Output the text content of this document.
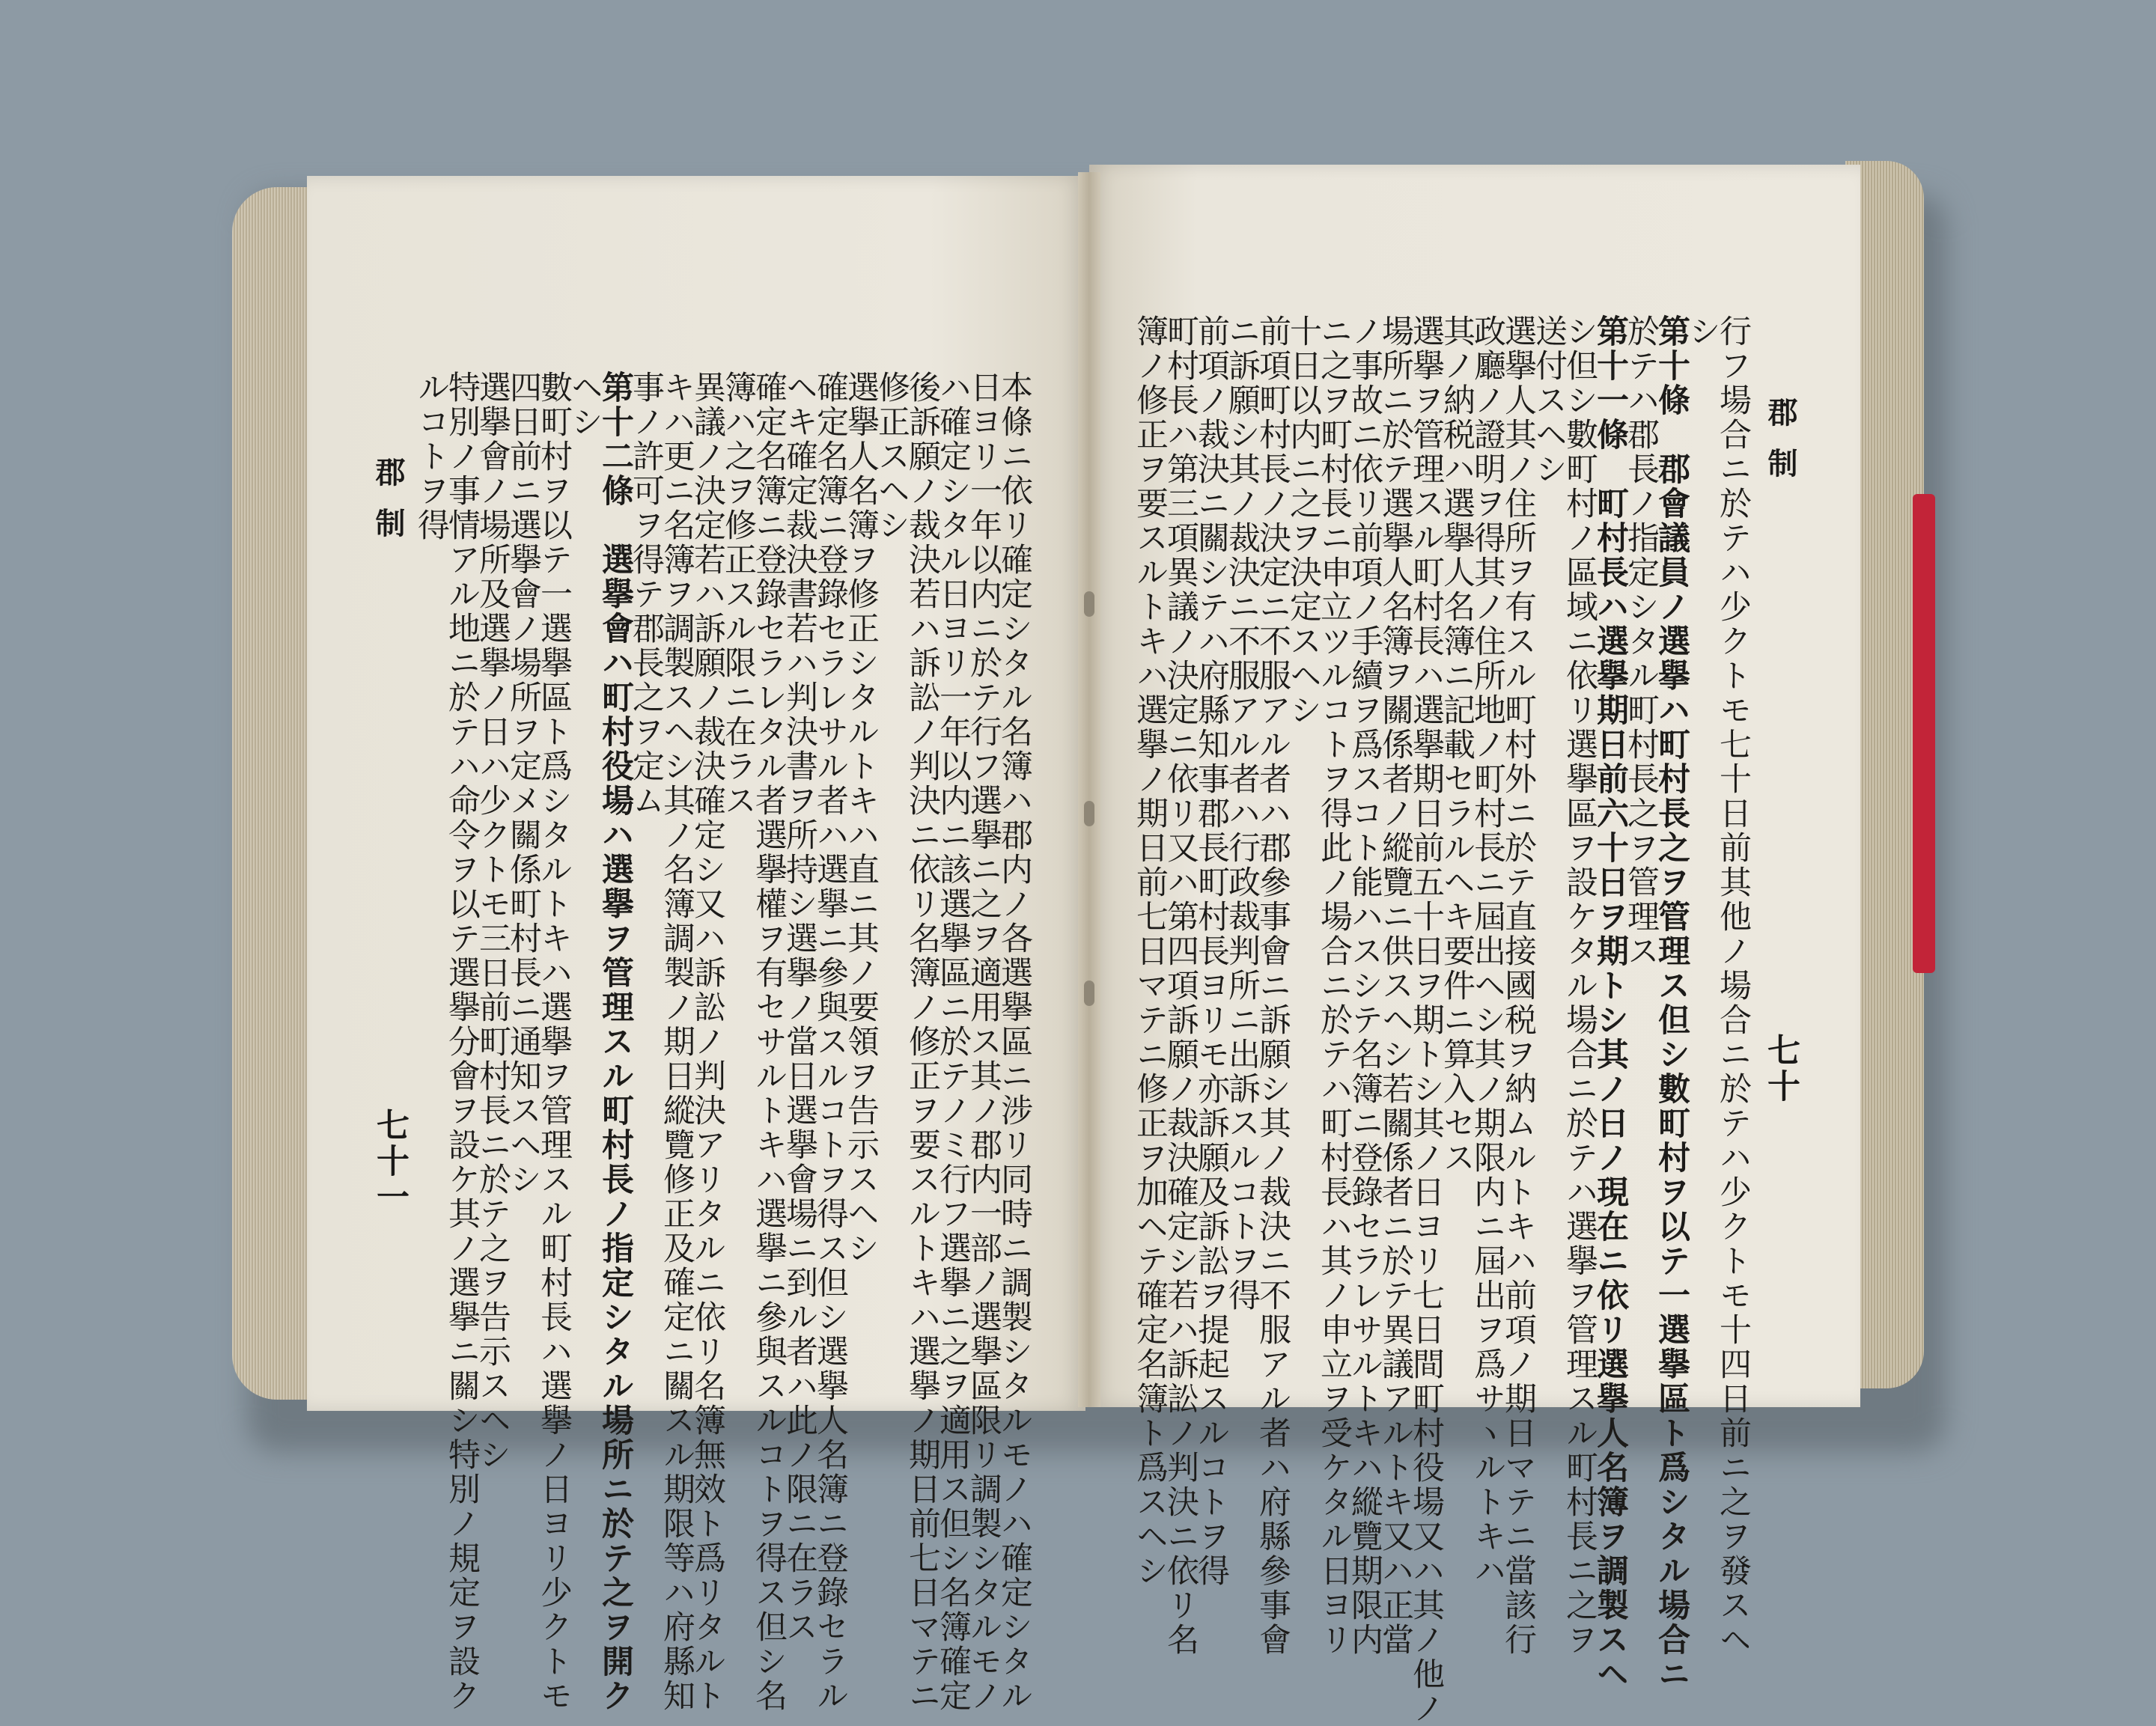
郡制
七十
行フ場合ニ於テハ少クトモ七十日前其他ノ場合ニ於テハ少クトモ十四日前ニ之ヲ發スヘ
シ
第十條　郡會議員ノ選擧ハ町村長之ヲ管理ス但シ數町村ヲ以テ一選擧區ト爲シタル場合ニ
於テハ郡長ノ指定シタル町村長之ヲ管理ス
第十一條　町村長ハ選擧期日前六十日ヲ期トシ其ノ日ノ現在ニ依リ選擧人名簿ヲ調製スヘ
シ但シ數町村ノ區域ニ依リ選擧區ヲ設ケタル場合ニ於テハ選擧ヲ管理スル町村長ニ之ヲ
送付スヘシ
選擧人其ノ住所ヲ有スル町村外ニ於テ直接國税ヲ納ムルトキハ前項ノ期日マテニ當該行
政廳ノ證明ヲ得其ノ住所地ノ町村長ニ屆出ヘシ其ノ期限内ニ屆出ヲ爲サヽルトキハ
其ノ納税ハ選擧人名簿ニ記載セラルヘキ要件ニ算入セス
選擧ヲ管理スル町村長ハ選擧期日前五十日ヲ期トシ其ノ日ヨリ七日間町村役場又ハ其ノ他ノ
場所ニ於テ選擧人名簿ヲ關係者ノ縱覽ニ供スヘシ若關係者ニ於テ異議アルトキ又ハ正當
ノ事故ニ依リ前項ノ手續ヲ爲スコト能ハスシテ名簿ニ登錄セラレサルトキハ縱覽期限内
ニ之ヲ町村長ニ申立ツルコトヲ得此ノ場合ニ於テハ町村長ハ其ノ申立ヲ受ケタル日ヨリ
十日以内ニ之ヲ決定スヘシ
前項町村長ノ決定ニ不服アル者ハ郡參事會ニ訴願シ其ノ裁決ニ不服アル者ハ府縣參事會
ニ訴願シ其ノ裁決ニ不服アル者ハ行政裁判所ニ出訴スルコトヲ得
前項ノ裁決ニ關シテハ府縣知事郡長町村長ヨリモ亦訴願及訴訟ヲ提起スルコトヲ得
町村長ハ第三項異議ノ決定ニ依リ又ハ第四項訴願ノ裁決確定シ若ハ訴訟ノ判決ニ依リ名
簿ノ修正ヲ要スルトキハ選擧ノ期日前七日マテニ修正ヲ加ヘテ確定名簿ト爲スヘシ
郡制
七十一	本條ニ依リ確定シタル名簿ハ郡内ノ各選擧區ニ涉リ同時ニ調製シタルモノハ確定シタル
日ヨリ一年以内ニ於テ行フ選擧ニ之ヲ適用ス其ノ郡内一部ノ選擧區限リ調製シタルモノ
ハ確定シタル日ヨリ一年以内ニ該選擧區ニ於テノミ行フ選擧ニ之ヲ適用ス但シ名簿確定
後訴願ノ裁決若ハ訴訟ノ判決ニ依リ名簿ノ修正ヲ要スルトキハ選擧ノ期日前七日マテニ
修正スヘシ
選擧人名簿ヲ修正シタルトキハ直ニ其ノ要領ヲ告示スヘシ
確定名簿ニ登錄セラレサル者ハ選擧ニ參與スルコトヲ得ス但シ選擧人名簿ニ登錄セラル
ヘキ確定裁決書若ハ判決書ヲ所持シ選擧ノ當日選擧會場ニ到ル者ハ此ノ限ニ在ラス
確定名簿ニ登錄セラレタル者選擧權ヲ有セサルトキハ選擧ニ參與スルコトヲ得ス但シ名
簿ハ之ヲ修正スル限ニ在ラス
異議ノ決定若ハ訴願ノ裁決確定シ又ハ訴訟ノ判決アリタルニ依リ名簿無效ト爲リタルト
キハ更ニ名簿ヲ調製スヘシ其ノ名簿調製ノ期日縱覽修正及確定ニ關スル期限等ハ府縣知
事ノ許可ヲ得テ郡長之ヲ定ム
第十二條　選擧會ハ町村役場ハ選擧ヲ管理スル町村長ノ指定シタル場所ニ於テ之ヲ開ク
ヘシ
數町村ヲ以テ一選擧區ト爲シタルトキハ選擧ヲ管理スル町村長ハ選擧ノ日ヨリ少クトモ
四日前ニ選擧會ノ場所ヲ定メ關係町村長ニ通知スヘシ
選擧會ノ場所及選擧ノ日ハ少クトモ三日前町村長ニ於テ之ヲ告示スヘシ
特別ノ事情アル地ニ於テハ命令ヲ以テ選擧分會ヲ設ケ其ノ選擧ニ關シ特別ノ規定ヲ設ク
ルコトヲ得
